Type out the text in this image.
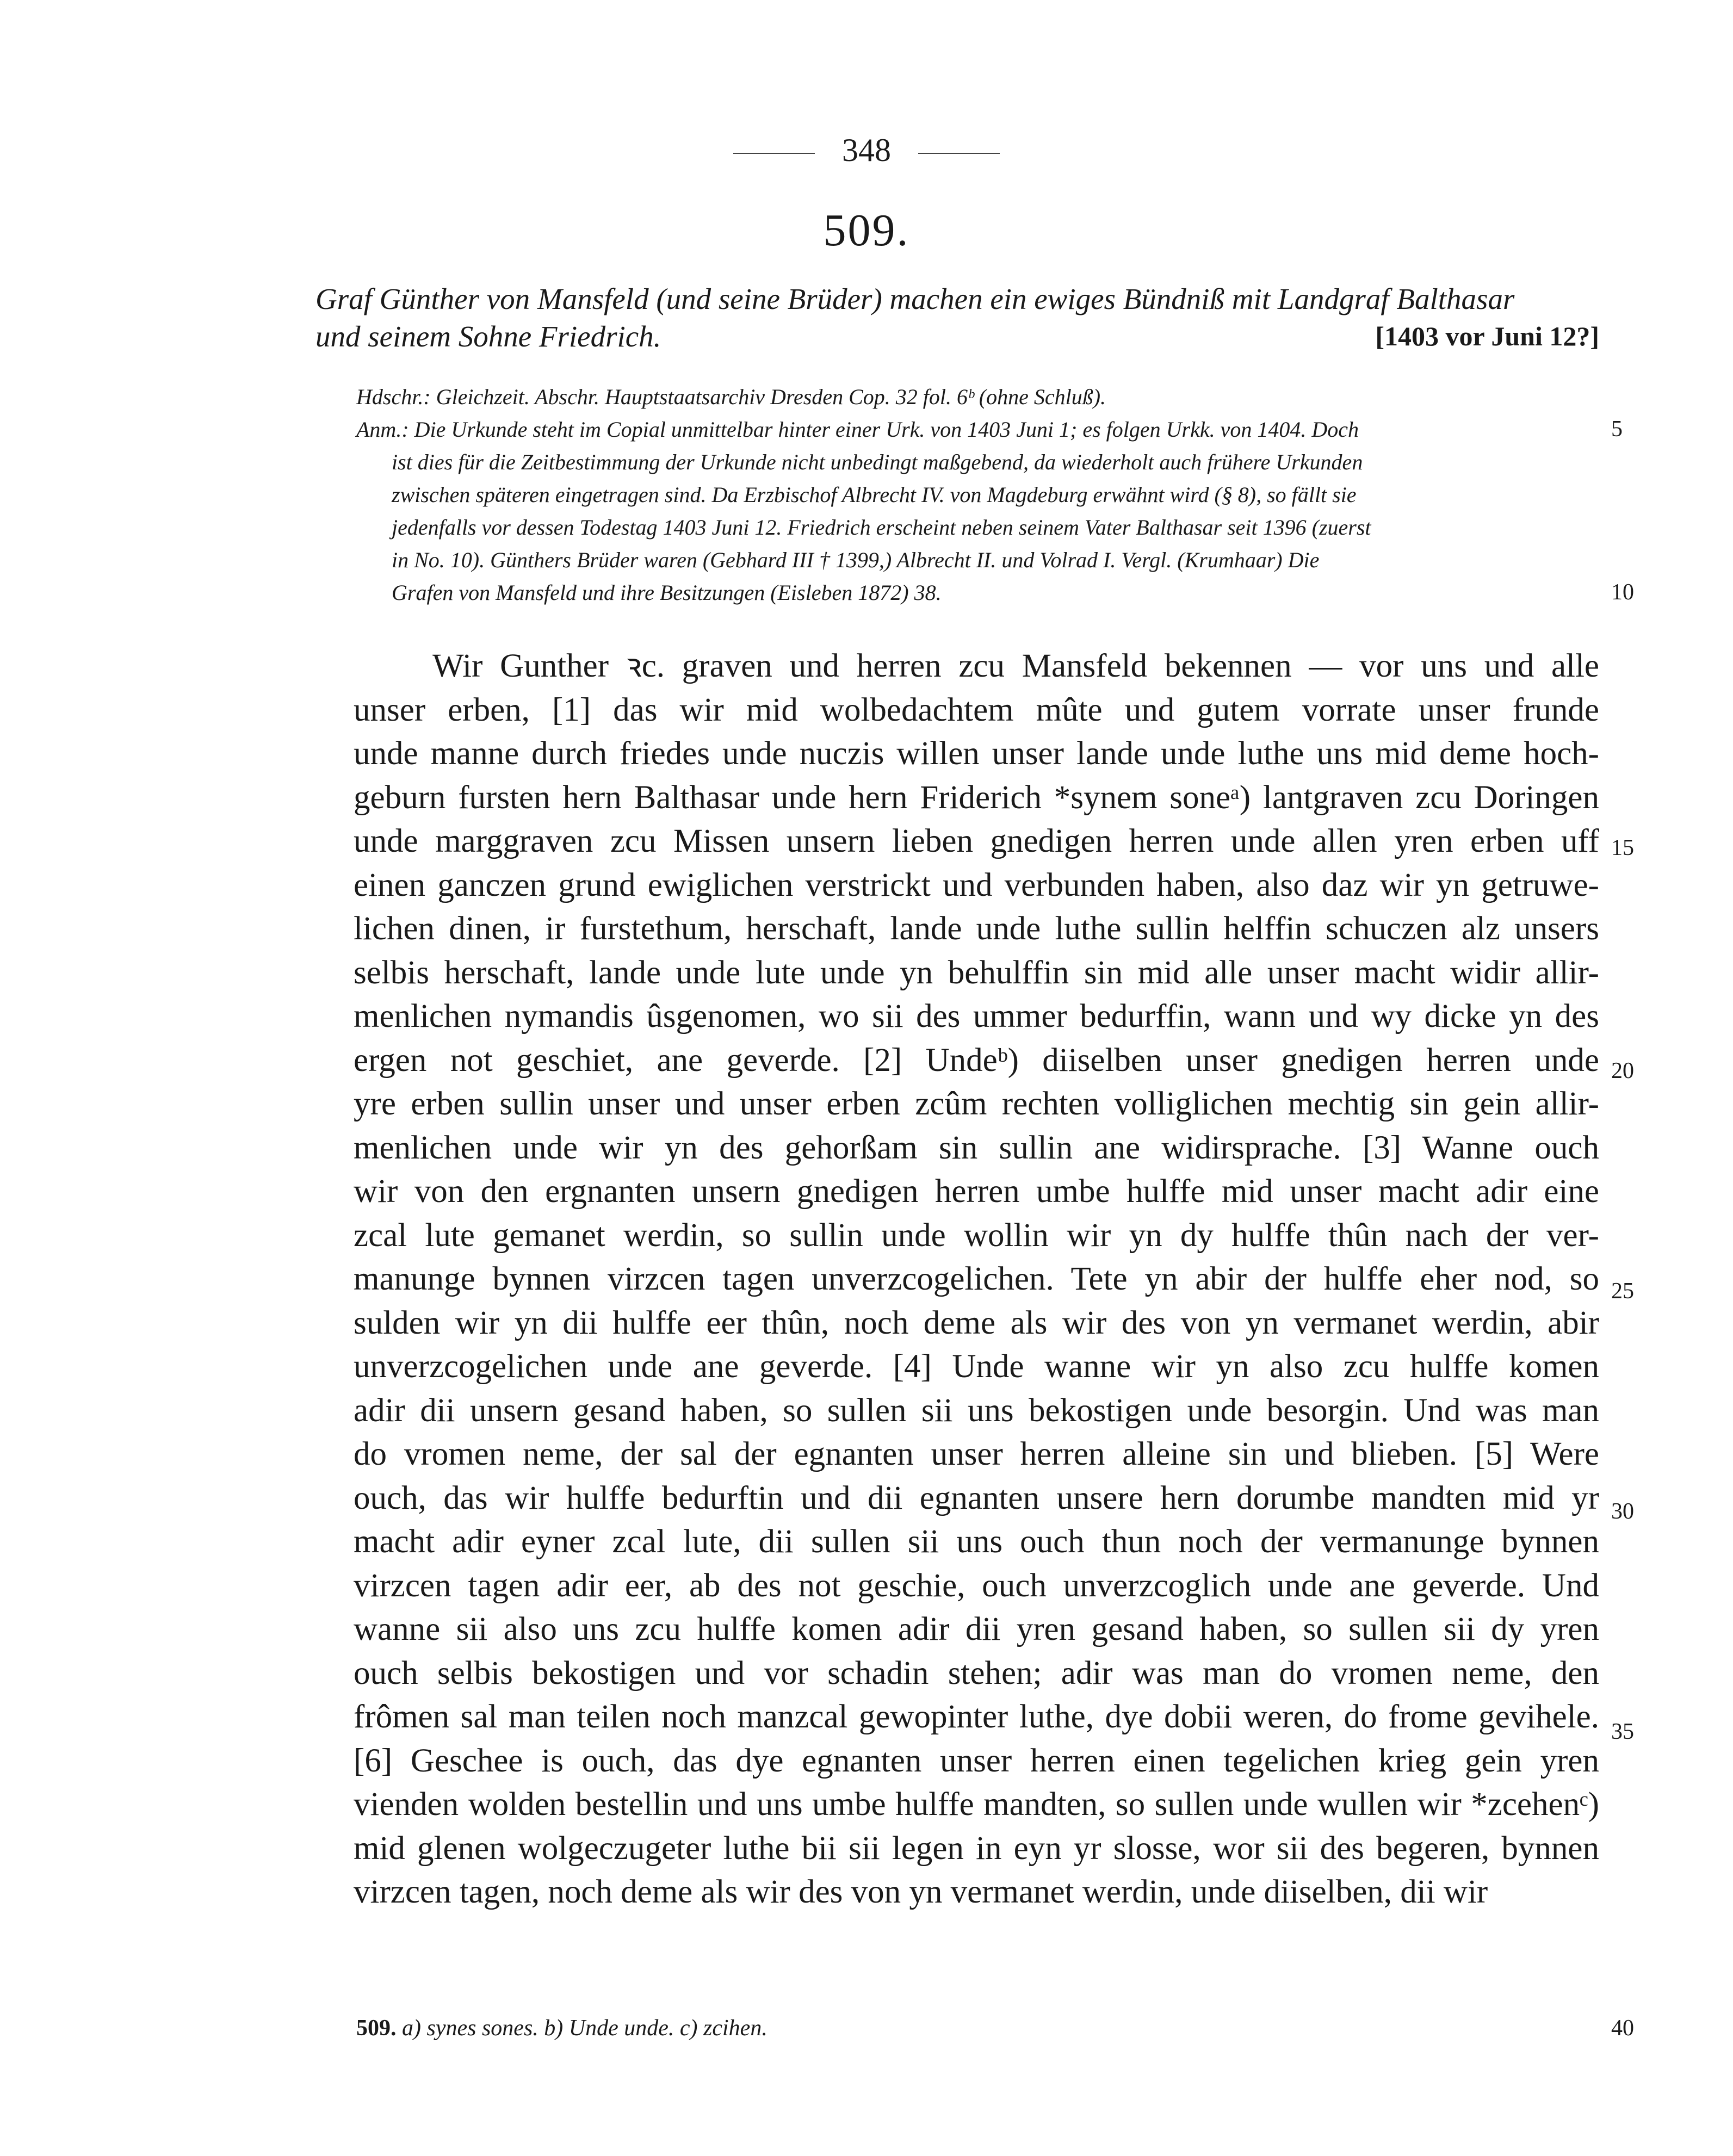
348
509.
Graf Günther von Mansfeld (und seine Brüder) machen ein ewiges Bündniß mit Landgraf Balthasar
und seinem Sohne Friedrich.	[1403 vor Juni 12?]
Hdschr.: Gleichzeit. Abschr. Hauptstaatsarchiv Dresden Cop. 32 fol. 6ᵇ (ohne Schluß).
Anm.: Die Urkunde steht im Copial unmittelbar hinter einer Urk. von 1403 Juni 1; es folgen Urkk. von 1404. Doch
ist dies für die Zeitbestimmung der Urkunde nicht unbedingt maßgebend, da wiederholt auch frühere Urkunden
zwischen späteren eingetragen sind. Da Erzbischof Albrecht IV. von Magdeburg erwähnt wird (§ 8), so fällt sie
jedenfalls vor dessen Todestag 1403 Juni 12. Friedrich erscheint neben seinem Vater Balthasar seit 1396 (zuerst
in No. 10). Günthers Brüder waren (Gebhard III † 1399,) Albrecht II. und Volrad I. Vergl. (Krumhaar) Die
Grafen von Mansfeld und ihre Besitzungen (Eisleben 1872) 38.
5
10
Wir Gunther ꝛc. graven und herren zcu Mansfeld bekennen — vor uns und alle
unser erben, [1] das wir mid wolbedachtem mûte und gutem vorrate unser frunde
unde manne durch friedes unde nuczis willen unser lande unde luthe uns mid deme hoch-
geburn fursten hern Balthasar unde hern Friderich *synem soneᵃ) lantgraven zcu Doringen
unde marggraven zcu Missen unsern lieben gnedigen herren unde allen yren erben uff
einen ganczen grund ewiglichen verstrickt und verbunden haben, also daz wir yn getruwe-
lichen dinen, ir furstethum, herschaft, lande unde luthe sullin helffin schuczen alz unsers
selbis herschaft, lande unde lute unde yn behulffin sin mid alle unser macht widir allir-
menlichen nymandis ûsgenomen, wo sii des ummer bedurffin, wann und wy dicke yn des
ergen not geschiet, ane geverde. [2] Undeᵇ) diiselben unser gnedigen herren unde
yre erben sullin unser und unser erben zcûm rechten volliglichen mechtig sin gein allir-
menlichen unde wir yn des gehorßam sin sullin ane widirsprache. [3] Wanne ouch
wir von den ergnanten unsern gnedigen herren umbe hulffe mid unser macht adir eine
zcal lute gemanet werdin, so sullin unde wollin wir yn dy hulffe thûn nach der ver-
manunge bynnen virzcen tagen unverzcogelichen. Tete yn abir der hulffe eher nod, so
sulden wir yn dii hulffe eer thûn, noch deme als wir des von yn vermanet werdin, abir
unverzcogelichen unde ane geverde. [4] Unde wanne wir yn also zcu hulffe komen
adir dii unsern gesand haben, so sullen sii uns bekostigen unde besorgin. Und was man
do vromen neme, der sal der egnanten unser herren alleine sin und blieben. [5] Were
ouch, das wir hulffe bedurftin und dii egnanten unsere hern dorumbe mandten mid yr
macht adir eyner zcal lute, dii sullen sii uns ouch thun noch der vermanunge bynnen
virzcen tagen adir eer, ab des not geschie, ouch unverzcoglich unde ane geverde. Und
wanne sii also uns zcu hulffe komen adir dii yren gesand haben, so sullen sii dy yren
ouch selbis bekostigen und vor schadin stehen; adir was man do vromen neme, den
frômen sal man teilen noch manzcal gewopinter luthe, dye dobii weren, do frome gevihele.
[6] Geschee is ouch, das dye egnanten unser herren einen tegelichen krieg gein yren
vienden wolden bestellin und uns umbe hulffe mandten, so sullen unde wullen wir *zcehenᶜ)
mid glenen wolgeczugeter luthe bii sii legen in eyn yr slosse, wor sii des begeren, bynnen
virzcen tagen, noch deme als wir des von yn vermanet werdin, unde diiselben, dii wir
15
20
25
30
35
509. a) synes sones. b) Unde unde. c) zcihen.	40
